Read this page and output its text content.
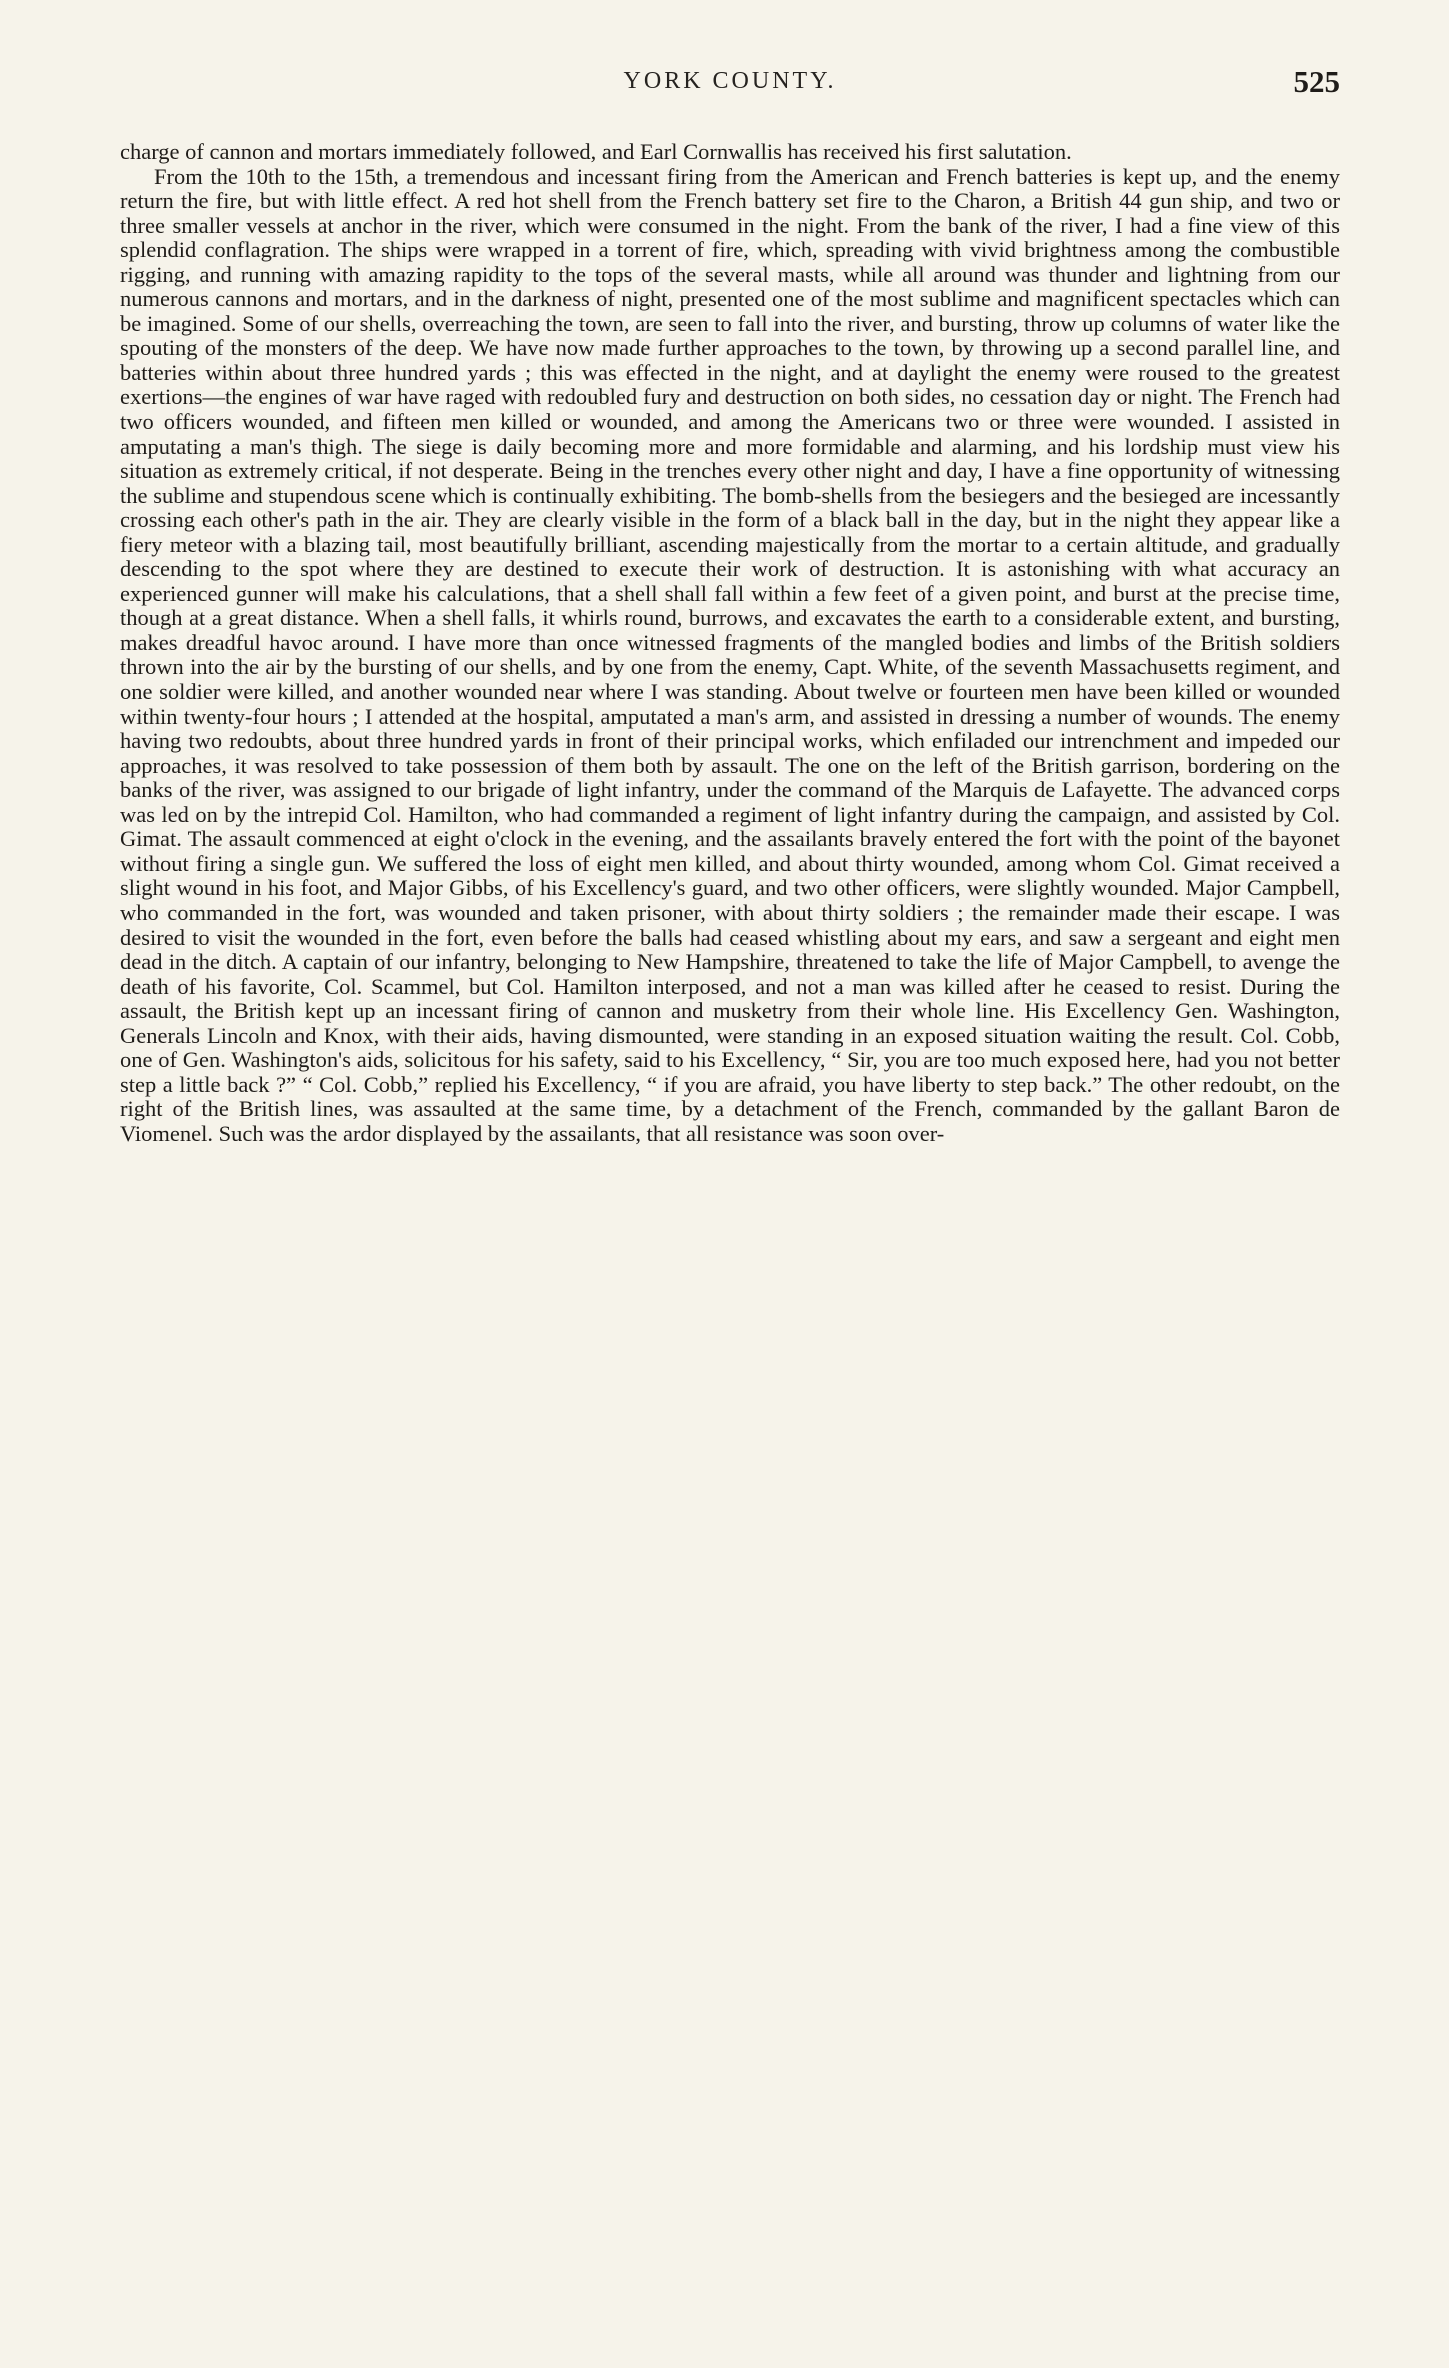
YORK COUNTY.	525

charge of cannon and mortars immediately followed, and Earl Cornwallis has received his first salutation.

From the 10th to the 15th, a tremendous and incessant firing from the American and French batteries is kept up, and the enemy return the fire, but with little effect. A red hot shell from the French battery set fire to the Charon, a British 44 gun ship, and two or three smaller vessels at anchor in the river, which were consumed in the night. From the bank of the river, I had a fine view of this splendid conflagration. The ships were wrapped in a torrent of fire, which, spreading with vivid brightness among the combustible rigging, and running with amazing rapidity to the tops of the several masts, while all around was thunder and lightning from our numerous cannons and mortars, and in the darkness of night, presented one of the most sublime and magnificent spectacles which can be imagined. Some of our shells, overreaching the town, are seen to fall into the river, and bursting, throw up columns of water like the spouting of the monsters of the deep. We have now made further approaches to the town, by throwing up a second parallel line, and batteries within about three hundred yards ; this was effected in the night, and at daylight the enemy were roused to the greatest exertions—the engines of war have raged with redoubled fury and destruction on both sides, no cessation day or night. The French had two officers wounded, and fifteen men killed or wounded, and among the Americans two or three were wounded. I assisted in amputating a man's thigh. The siege is daily becoming more and more formidable and alarming, and his lordship must view his situation as extremely critical, if not desperate. Being in the trenches every other night and day, I have a fine opportunity of witnessing the sublime and stupendous scene which is continually exhibiting. The bomb-shells from the besiegers and the besieged are incessantly crossing each other's path in the air. They are clearly visible in the form of a black ball in the day, but in the night they appear like a fiery meteor with a blazing tail, most beautifully brilliant, ascending majestically from the mortar to a certain altitude, and gradually descending to the spot where they are destined to execute their work of destruction. It is astonishing with what accuracy an experienced gunner will make his calculations, that a shell shall fall within a few feet of a given point, and burst at the precise time, though at a great distance. When a shell falls, it whirls round, burrows, and excavates the earth to a considerable extent, and bursting, makes dreadful havoc around. I have more than once witnessed fragments of the mangled bodies and limbs of the British soldiers thrown into the air by the bursting of our shells, and by one from the enemy, Capt. White, of the seventh Massachusetts regiment, and one soldier were killed, and another wounded near where I was standing. About twelve or fourteen men have been killed or wounded within twenty-four hours ; I attended at the hospital, amputated a man's arm, and assisted in dressing a number of wounds. The enemy having two redoubts, about three hundred yards in front of their principal works, which enfiladed our intrenchment and impeded our approaches, it was resolved to take possession of them both by assault. The one on the left of the British garrison, bordering on the banks of the river, was assigned to our brigade of light infantry, under the command of the Marquis de Lafayette. The advanced corps was led on by the intrepid Col. Hamilton, who had commanded a regiment of light infantry during the campaign, and assisted by Col. Gimat. The assault commenced at eight o'clock in the evening, and the assailants bravely entered the fort with the point of the bayonet without firing a single gun. We suffered the loss of eight men killed, and about thirty wounded, among whom Col. Gimat received a slight wound in his foot, and Major Gibbs, of his Excellency's guard, and two other officers, were slightly wounded. Major Campbell, who commanded in the fort, was wounded and taken prisoner, with about thirty soldiers ; the remainder made their escape. I was desired to visit the wounded in the fort, even before the balls had ceased whistling about my ears, and saw a sergeant and eight men dead in the ditch. A captain of our infantry, belonging to New Hampshire, threatened to take the life of Major Campbell, to avenge the death of his favorite, Col. Scammel, but Col. Hamilton interposed, and not a man was killed after he ceased to resist. During the assault, the British kept up an incessant firing of cannon and musketry from their whole line. His Excellency Gen. Washington, Generals Lincoln and Knox, with their aids, having dismounted, were standing in an exposed situation waiting the result. Col. Cobb, one of Gen. Washington's aids, solicitous for his safety, said to his Excellency, “ Sir, you are too much exposed here, had you not better step a little back ?” “ Col. Cobb,” replied his Excellency, “ if you are afraid, you have liberty to step back.” The other redoubt, on the right of the British lines, was assaulted at the same time, by a detachment of the French, commanded by the gallant Baron de Viomenel. Such was the ardor displayed by the assailants, that all resistance was soon over-
